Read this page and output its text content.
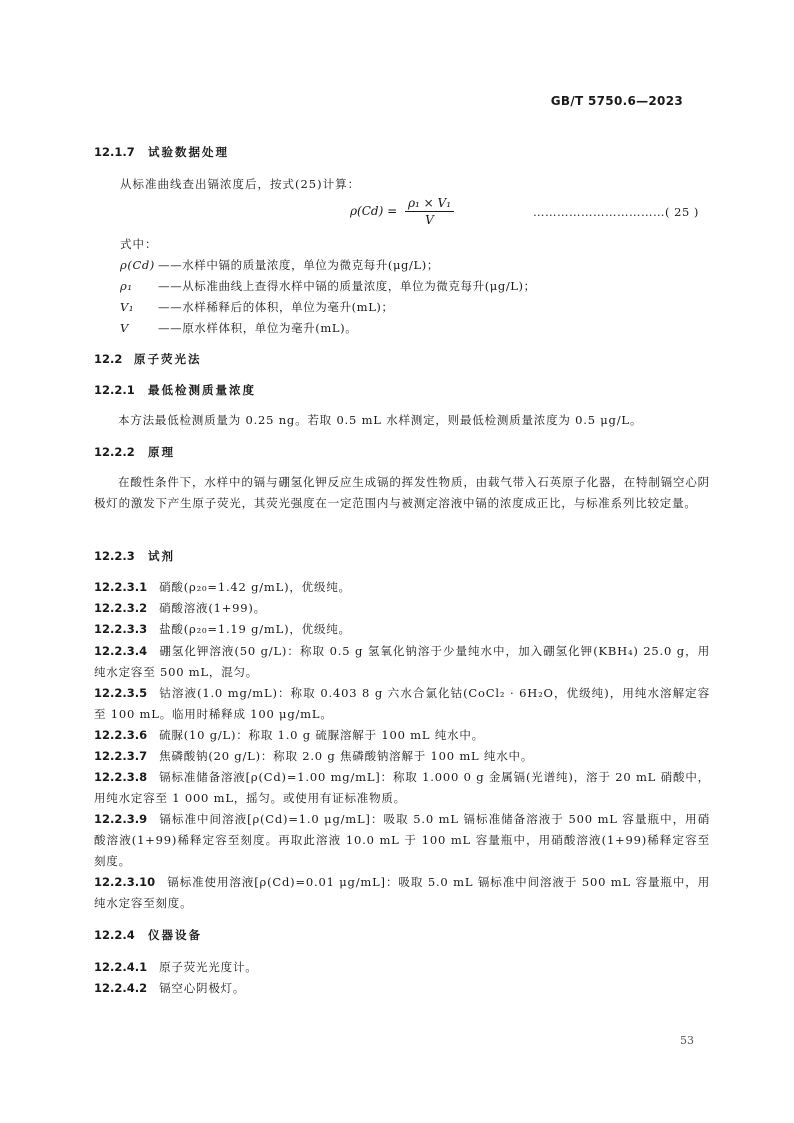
GB/T 5750.6—2023
12.1.7 试验数据处理
从标准曲线查出镉浓度后，按式(25)计算：
$\rho(Cd) = \frac{\text{ρ₁ × V₁}}{V}$	……………………………( 25 )
式中：
ρ(Cd) ——水样中镉的质量浓度，单位为微克每升(μg/L)；
ρ₁ ——从标准曲线上查得水样中镉的质量浓度，单位为微克每升(μg/L)；
V₁ ——水样稀释后的体积，单位为毫升(mL)；
V	——原水样体积，单位为毫升(mL)。
12.2 原子荧光法
12.2.1 最低检测质量浓度
本方法最低检测质量为 0.25 ng。若取 0.5 mL 水样测定，则最低检测质量浓度为 0.5 μg/L。
12.2.2 原理
在酸性条件下，水样中的镉与硼氢化钾反应生成镉的挥发性物质，由载气带入石英原子化器，在特制镉空心阴极灯的激发下产生原子荧光，其荧光强度在一定范围内与被测定溶液中镉的浓度成正比，与标准系列比较定量。
12.2.3 试剂
12.2.3.1 硝酸(ρ₂₀=1.42 g/mL)，优级纯。
12.2.3.2 硝酸溶液(1+99)。
12.2.3.3 盐酸(ρ₂₀=1.19 g/mL)，优级纯。
12.2.3.4 硼氢化钾溶液(50 g/L)：称取 0.5 g 氢氧化钠溶于少量纯水中，加入硼氢化钾(KBH₄) 25.0 g，用纯水定容至 500 mL，混匀。
12.2.3.5 钴溶液(1.0 mg/mL)：称取 0.403 8 g 六水合氯化钴(CoCl₂ · 6H₂O，优级纯)，用纯水溶解定容至 100 mL。临用时稀释成 100 μg/mL。
12.2.3.6 硫脲(10 g/L)：称取 1.0 g 硫脲溶解于 100 mL 纯水中。
12.2.3.7 焦磷酸钠(20 g/L)：称取 2.0 g 焦磷酸钠溶解于 100 mL 纯水中。
12.2.3.8 镉标准储备溶液[ρ(Cd)=1.00 mg/mL]：称取 1.000 0 g 金属镉(光谱纯)，溶于 20 mL 硝酸中，用纯水定容至 1 000 mL，摇匀。或使用有证标准物质。
12.2.3.9 镉标准中间溶液[ρ(Cd)=1.0 μg/mL]：吸取 5.0 mL 镉标准储备溶液于 500 mL 容量瓶中，用硝酸溶液(1+99)稀释定容至刻度。再取此溶液 10.0 mL 于 100 mL 容量瓶中，用硝酸溶液(1+99)稀释定容至刻度。
12.2.3.10 镉标准使用溶液[ρ(Cd)=0.01 μg/mL]：吸取 5.0 mL 镉标准中间溶液于 500 mL 容量瓶中，用纯水定容至刻度。
12.2.4 仪器设备
12.2.4.1 原子荧光光度计。
12.2.4.2 镉空心阴极灯。
53
